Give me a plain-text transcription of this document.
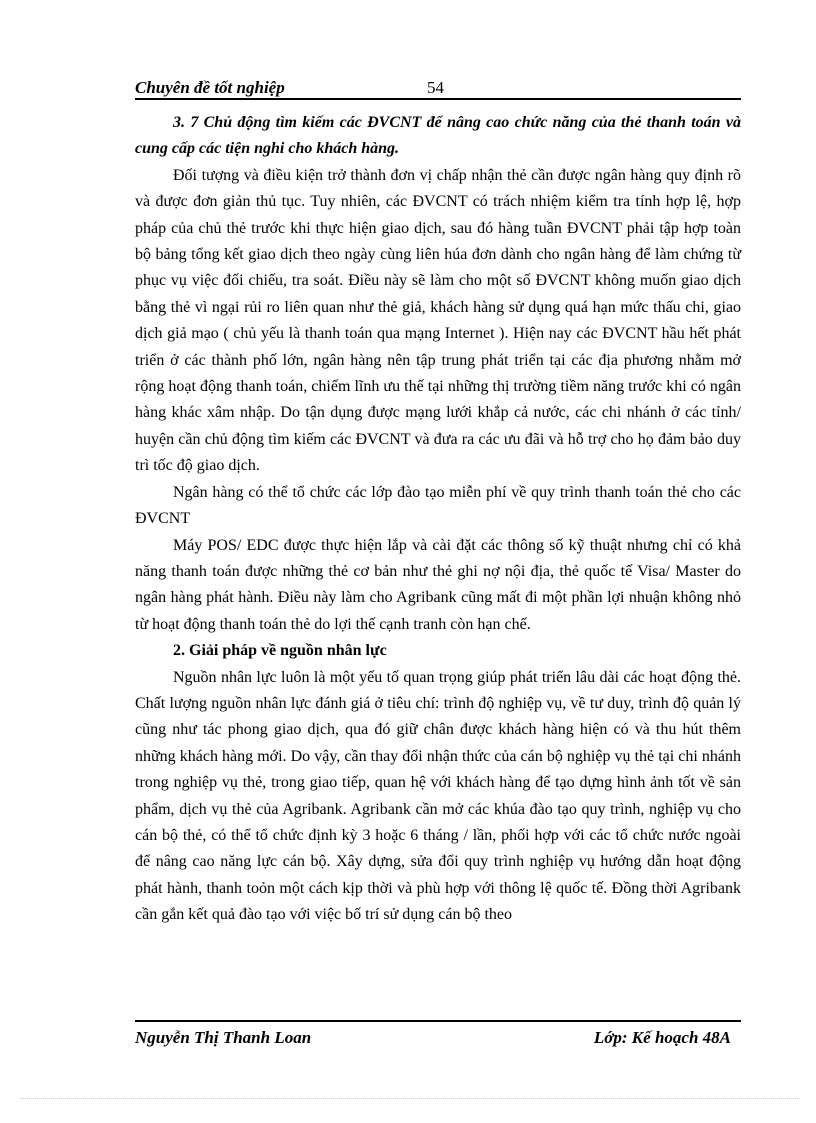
Chuyên đề tốt nghiệp	54

3. 7 Chủ động tìm kiếm các ĐVCNT để nâng cao chức năng của thẻ thanh toán và cung cấp các tiện nghi cho khách hàng.

Đối tượng và điều kiện trở thành đơn vị chấp nhận thẻ cần được ngân hàng quy định rõ và được đơn giản thủ tục. Tuy nhiên, các ĐVCNT có trách nhiệm kiểm tra tính hợp lệ, hợp pháp của chủ thẻ trước khi thực hiện giao dịch, sau đó hàng tuần ĐVCNT phải tập hợp toàn bộ bảng tổng kết giao dịch theo ngày cùng liên húa đơn dành cho ngân hàng để làm chứng từ phục vụ việc đối chiếu, tra soát. Điều này sẽ làm cho một số ĐVCNT không muốn giao dịch bằng thẻ vì ngại rủi ro liên quan như thẻ giả, khách hàng sử dụng quá hạn mức thấu chi, giao dịch giả mạo ( chủ yếu là thanh toán qua mạng Internet ). Hiện nay các ĐVCNT hầu hết phát triển ở các thành phố lớn, ngân hàng nên tập trung phát triển tại các địa phương nhằm mở rộng hoạt động thanh toán, chiếm lĩnh ưu thế tại những thị trường tiềm năng trước khi có ngân hàng khác xâm nhập. Do tận dụng được mạng lưới khắp cả nước, các chi nhánh ở các tỉnh/ huyện cần chủ động tìm kiếm các ĐVCNT và đưa ra các ưu đãi và hỗ trợ cho họ đảm bảo duy trì tốc độ giao dịch.

Ngân hàng có thể tổ chức các lớp đào tạo miễn phí về quy trình thanh toán thẻ cho các ĐVCNT

Máy POS/ EDC được thực hiện lắp và cài đặt các thông số kỹ thuật nhưng chỉ có khả năng thanh toán được những thẻ cơ bản như thẻ ghi nợ nội địa, thẻ quốc tế Visa/ Master do ngân hàng phát hành. Điều này làm cho Agribank cũng mất đi một phần lợi nhuận không nhỏ từ hoạt động thanh toán thẻ do lợi thế cạnh tranh còn hạn chế.

2. Giải pháp về nguồn nhân lực

Nguồn nhân lực luôn là một yếu tố quan trọng giúp phát triển lâu dài các hoạt động thẻ. Chất lượng nguồn nhân lực đánh giá ở tiêu chí: trình độ nghiệp vụ, về tư duy, trình độ quản lý cũng như tác phong giao dịch, qua đó giữ chân được khách hàng hiện có và thu hút thêm những khách hàng mới. Do vậy, cần thay đổi nhận thức của cán bộ nghiệp vụ thẻ tại chi nhánh trong nghiệp vụ thẻ, trong giao tiếp, quan hệ với khách hàng để tạo dựng hình ảnh tốt về sản phẩm, dịch vụ thẻ của Agribank. Agribank cần mở các khúa đào tạo quy trình, nghiệp vụ cho cán bộ thẻ, có thể tổ chức định kỳ 3 hoặc 6 tháng / lần, phối hợp với các tổ chức nước ngoài để nâng cao năng lực cán bộ. Xây dựng, sửa đổi quy trình nghiệp vụ hướng dẫn hoạt động phát hành, thanh toỏn một cách kịp thời và phù hợp với thông lệ quốc tế. Đồng thời Agribank cần gắn kết quả đào tạo với việc bố trí sử dụng cán bộ theo

Nguyễn Thị Thanh Loan	Lớp: Kế hoạch 48A
